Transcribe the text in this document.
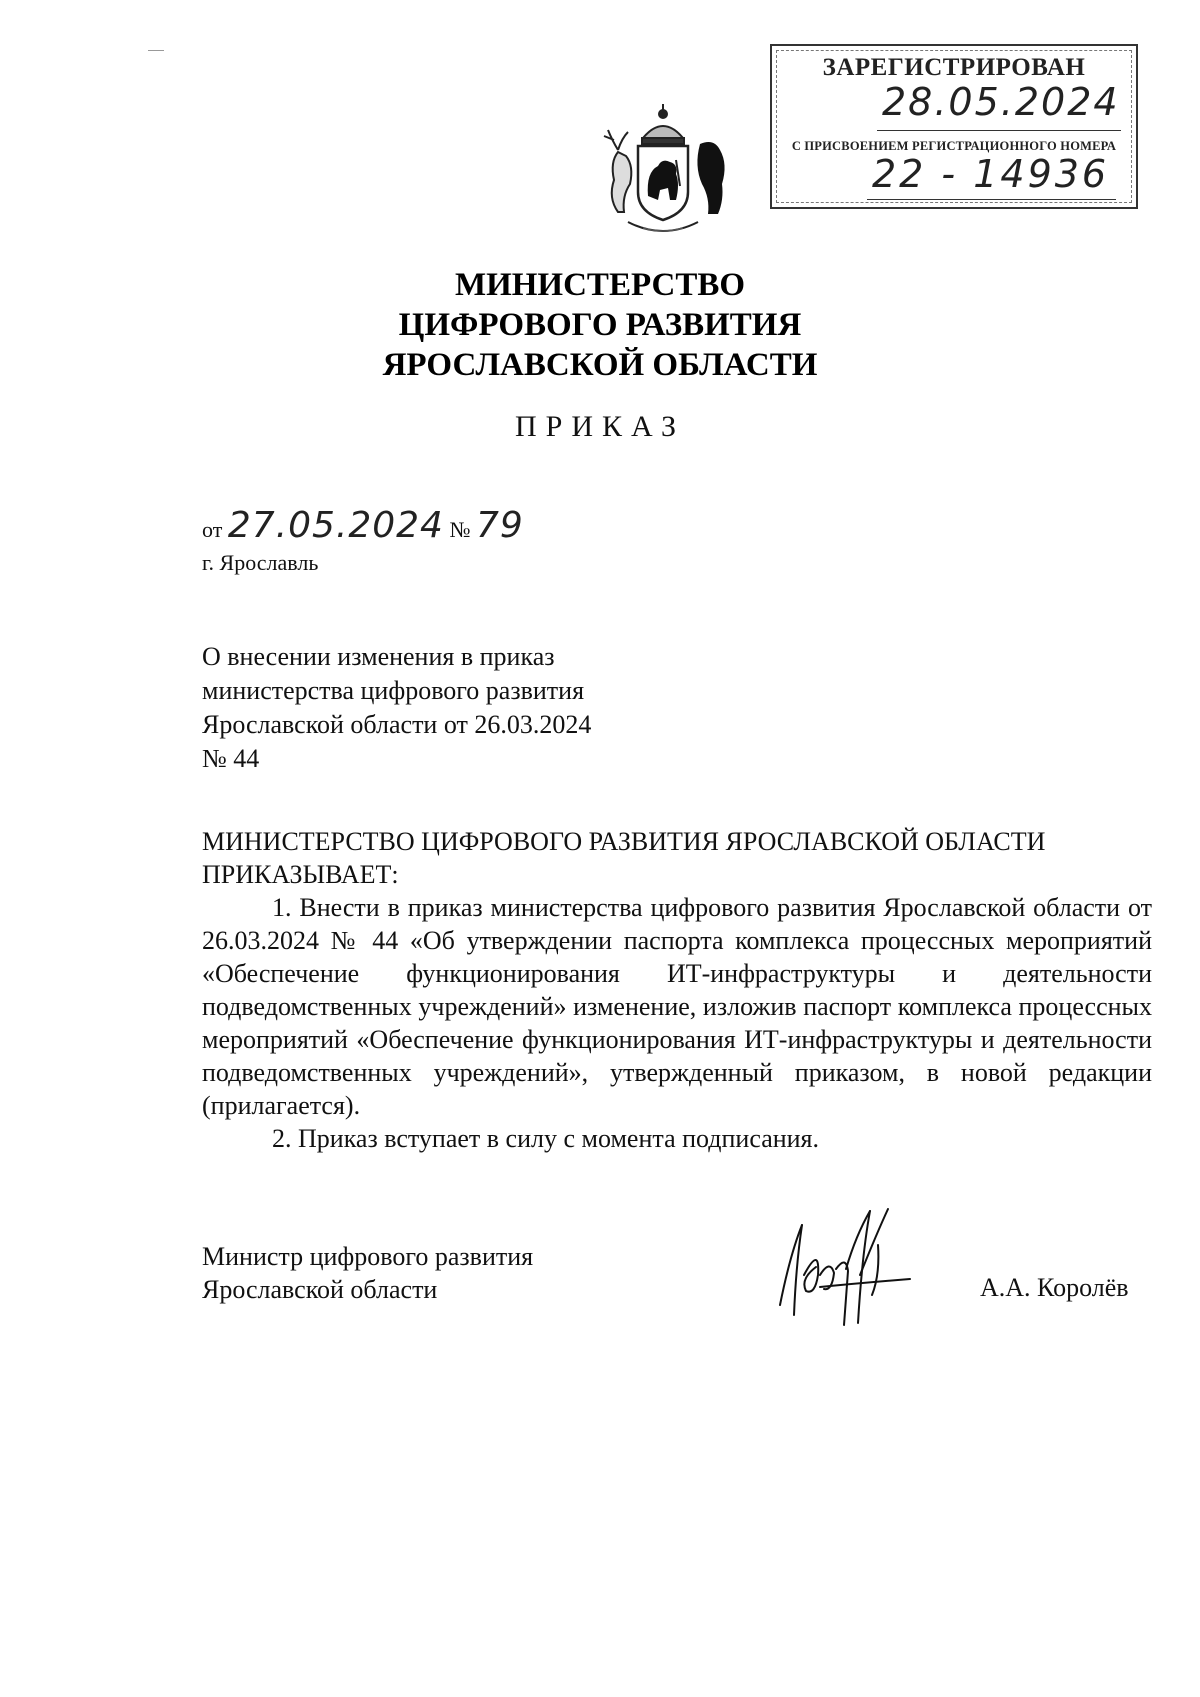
ЗАРЕГИСТРИРОВАН
28.05.2024
С ПРИСВОЕНИЕМ РЕГИСТРАЦИОННОГО НОМЕРА
22 - 14936
МИНИСТЕРСТВО
ЦИФРОВОГО РАЗВИТИЯ
ЯРОСЛАВСКОЙ ОБЛАСТИ
ПРИКАЗ
от 27.05.2024 № 79
г. Ярославль
О внесении изменения в приказ
министерства цифрового развития
Ярославской области от 26.03.2024
№ 44

МИНИСТЕРСТВО ЦИФРОВОГО РАЗВИТИЯ ЯРОСЛАВСКОЙ ОБЛАСТИ ПРИКАЗЫВАЕТ:

1. Внести в приказ министерства цифрового развития Ярославской области от 26.03.2024 № 44 «Об утверждении паспорта комплекса процессных мероприятий «Обеспечение функционирования ИТ-инфраструктуры и деятельности подведомственных учреждений» изменение, изложив паспорт комплекса процессных мероприятий «Обеспечение функционирования ИТ-инфраструктуры и деятельности подведомственных учреждений», утвержденный приказом, в новой редакции (прилагается).

2. Приказ вступает в силу с момента подписания.

Министр цифрового развития
Ярославской области	А.А. Королёв
